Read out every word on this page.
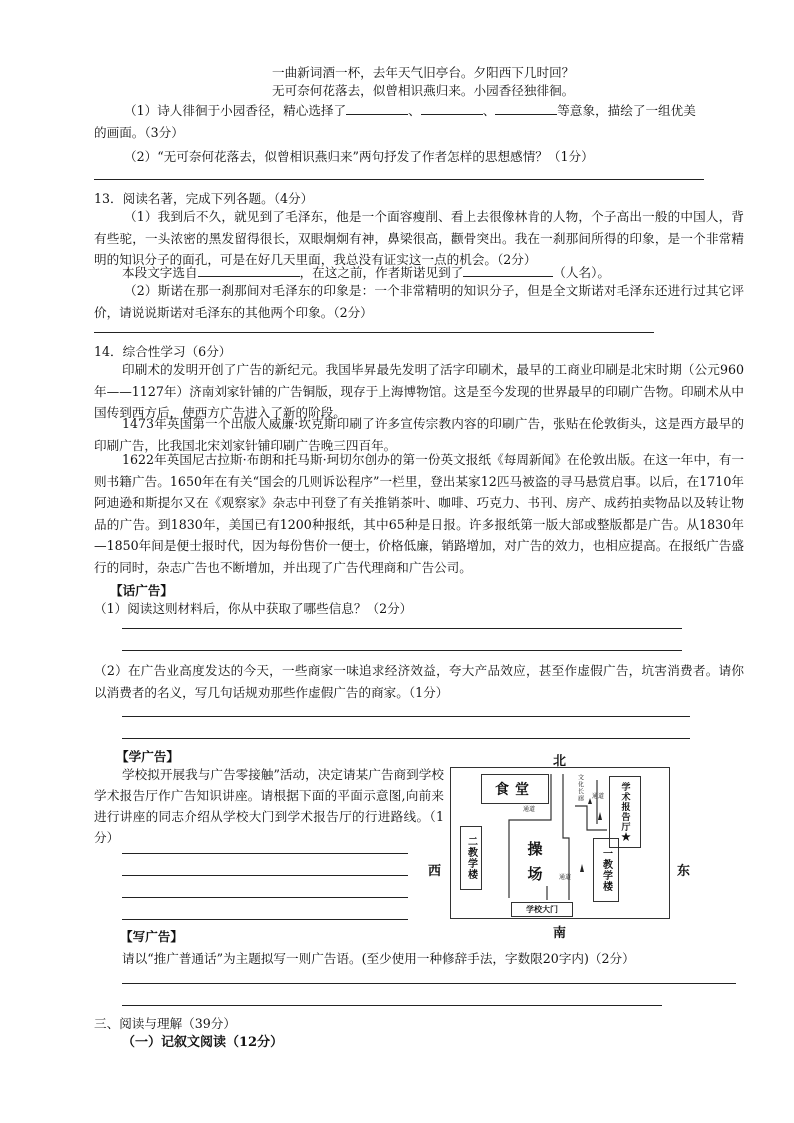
一曲新词酒一杯，去年天气旧亭台。夕阳西下几时回？
无可奈何花落去，似曾相识燕归来。小园香径独徘徊。
（1）诗人徘徊于小园香径，精心选择了	、	、	等意象，描绘了一组优美
的画面。（3分）
（2）“无可奈何花落去，似曾相识燕归来”两句抒发了作者怎样的思想感情？（1分）
13．阅读名著，完成下列各题。（4分）
（1）我到后不久，就见到了毛泽东，他是一个面容瘦削、看上去很像林肯的人物，个子高出一般的中国人，背有些驼，一头浓密的黑发留得很长，双眼炯炯有神，鼻梁很高，颧骨突出。我在一刹那间所得的印象，是一个非常精明的知识分子的面孔，可是在好几天里面，我总没有证实这一点的机会。（2分）
本段文字选自	，在这之前，作者斯诺见到了	（人名）。
（2）斯诺在那一刹那间对毛泽东的印象是：一个非常精明的知识分子，但是全文斯诺对毛泽东还进行过其它评价，请说说斯诺对毛泽东的其他两个印象。（2分）
14．综合性学习（6分）
印刷术的发明开创了广告的新纪元。我国毕昇最先发明了活字印刷术，最早的工商业印刷是北宋时期（公元960年——1127年）济南刘家针铺的广告铜版，现存于上海博物馆。这是至今发现的世界最早的印刷广告物。印刷术从中国传到西方后，使西方广告进入了新的阶段。
1473年英国第一个出版人威廉·坎克斯印刷了许多宣传宗教内容的印刷广告，张贴在伦敦街头，这是西方最早的印刷广告，比我国北宋刘家针铺印刷广告晚三四百年。
1622年英国尼古拉斯·布朗和托马斯·珂切尔创办的第一份英文报纸《每周新闻》在伦敦出版。在这一年中，有一则书籍广告。1650年在有关“国会的几则诉讼程序”一栏里，登出某家12匹马被盗的寻马悬赏启事。以后，在1710年阿迪逊和斯提尔又在《观察家》杂志中刊登了有关推销茶叶、咖啡、巧克力、书刊、房产、成药拍卖物品以及转让物品的广告。到1830年，美国已有1200种报纸，其中65种是日报。许多报纸第一版大部或整版都是广告。从1830年—1850年间是便士报时代，因为每份售价一便士，价格低廉，销路增加，对广告的效力，也相应提高。在报纸广告盛行的同时，杂志广告也不断增加，并出现了广告代理商和广告公司。
【话广告】
（1）阅读这则材料后，你从中获取了哪些信息？（2分）
（2）在广告业高度发达的今天，一些商家一味追求经济效益，夸大产品效应，甚至作虚假广告，坑害消费者。请你以消费者的名义，写几句话规劝那些作虚假广告的商家。（1分）
【学广告】
学校拟开展我与广告零接触”活动，决定请某广告商到学校学术报告厅作广告知识讲座。请根据下面的平面示意图,向前来进行讲座的同志介绍从学校大门到学术报告厅的行进路线。（1分）
北
南
西	东
食堂
二教学楼	操场	一教学楼
学术报告厅★
文化长廊 通道
通道
通道
学校大门
【写广告】
请以“推广普通话”为主题拟写一则广告语。(至少使用一种修辞手法，字数限20字内)（2分）
三、阅读与理解（39分）
（一）记叙文阅读（12分）
